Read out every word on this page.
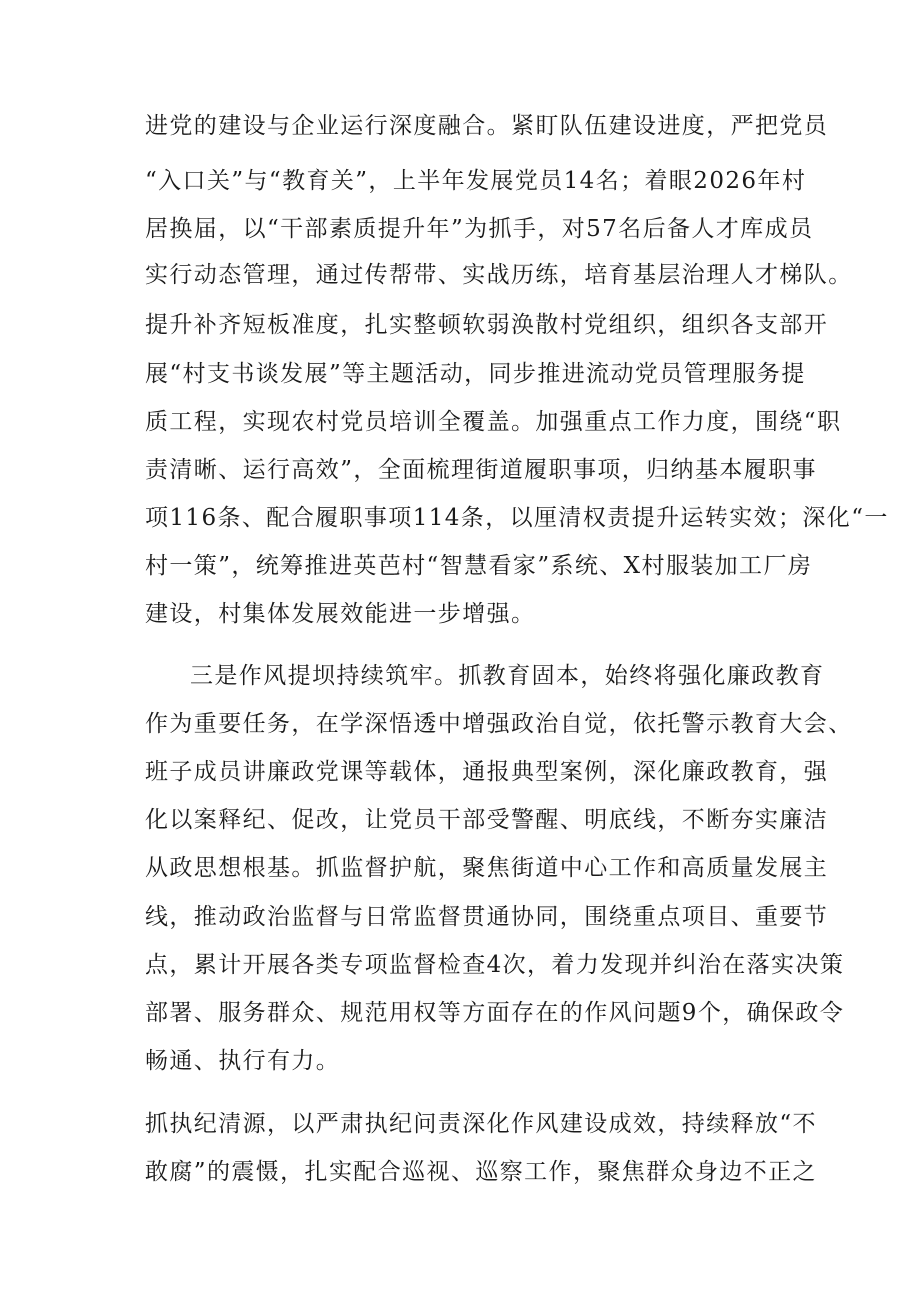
进党的建设与企业运行深度融合。紧盯队伍建设进度，严把党员
“入口关”与“教育关”，上半年发展党员14名；着眼2026年村
居换届，以“干部素质提升年”为抓手，对57名后备人才库成员
实行动态管理，通过传帮带、实战历练，培育基层治理人才梯队。
提升补齐短板准度，扎实整顿软弱涣散村党组织，组织各支部开
展“村支书谈发展”等主题活动，同步推进流动党员管理服务提
质工程，实现农村党员培训全覆盖。加强重点工作力度，围绕“职
责清晰、运行高效”，全面梳理街道履职事项，归纳基本履职事
项116条、配合履职事项114条，以厘清权责提升运转实效；深化“一
村一策”，统筹推进英芭村“智慧看家”系统、X村服装加工厂房
建设，村集体发展效能进一步增强。
三是作风提坝持续筑牢。抓教育固本，始终将强化廉政教育
作为重要任务，在学深悟透中增强政治自觉，依托警示教育大会、
班子成员讲廉政党课等载体，通报典型案例，深化廉政教育，强
化以案释纪、促改，让党员干部受警醒、明底线，不断夯实廉洁
从政思想根基。抓监督护航，聚焦街道中心工作和高质量发展主
线，推动政治监督与日常监督贯通协同，围绕重点项目、重要节
点，累计开展各类专项监督检查4次，着力发现并纠治在落实决策
部署、服务群众、规范用权等方面存在的作风问题9个，确保政令
畅通、执行有力。
抓执纪清源，以严肃执纪问责深化作风建设成效，持续释放“不
敢腐”的震慑，扎实配合巡视、巡察工作，聚焦群众身边不正之
